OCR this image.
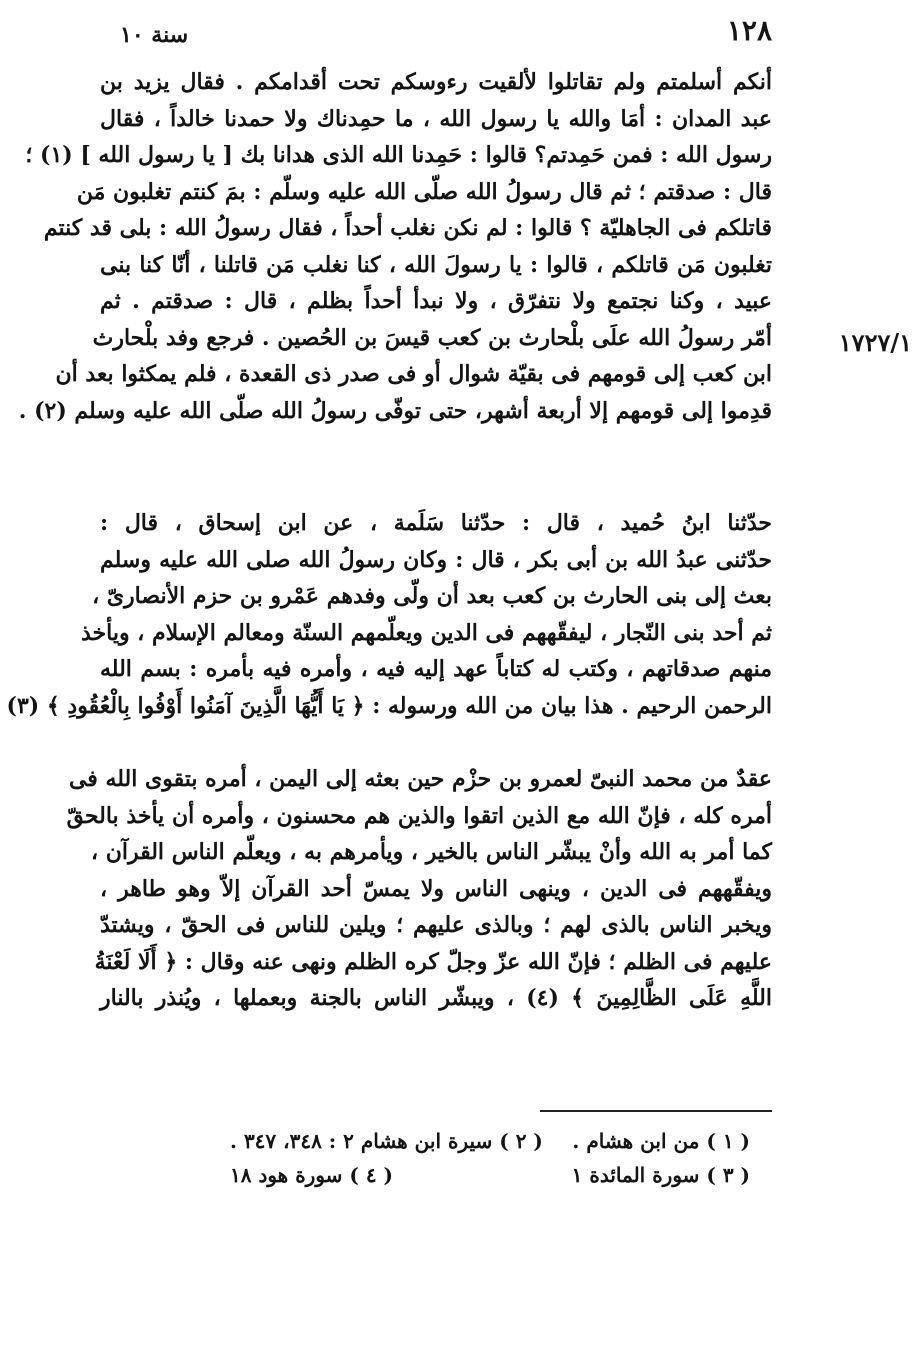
١٢٨
سنة ١٠
١٧٢٧/١
أنكم أسلمتم ولم تقاتلوا لألقيت رءوسكم تحت أقدامكم . فقال يزيد بن
عبد المدان : أمَا والله يا رسول الله ، ما حمِدناك ولا حمدنا خالداً ، فقال
رسول الله : فمن حَمِدتم؟ قالوا : حَمِدنا الله الذى هدانا بك [ يا رسول الله ] (١) ؛
قال : صدقتم ؛ ثم قال رسولُ الله صلّى الله عليه وسلّم : بمَ كنتم تغلبون مَن
قاتلكم فى الجاهليّة ؟ قالوا : لم نكن نغلب أحداً ، فقال رسولُ الله : بلى قد كنتم
تغلبون مَن قاتلكم ، قالوا : يا رسولَ الله ، كنا نغلب مَن قاتلنا ، أنّا كنا بنى
عبيد ، وكنا نجتمع ولا نتفرّق ، ولا نبدأ أحداً بظلم ، قال : صدقتم . ثم
أمّر رسولُ الله علَى بلْحارث بن كعب قيسَ بن الحُصين . فرجع وفد بلْحارث
ابن كعب إلى قومهم فى بقيّة شوال أو فى صدر ذى القعدة ، فلم يمكثوا بعد أن
قدِموا إلى قومهم إلا أربعة أشهر، حتى توفّى رسولُ الله صلّى الله عليه وسلم (٢) .
حدّثنا ابنُ حُميد ، قال : حدّثنا سَلَمة ، عن ابن إسحاق ، قال :
حدّثنى عبدُ الله بن أبى بكر ، قال : وكان رسولُ الله صلى الله عليه وسلم
بعث إلى بنى الحارث بن كعب بعد أن ولّى وفدهم عَمْرو بن حزم الأنصارىّ ،
ثم أحد بنى النّجار ، ليفقّههم فى الدين ويعلّمهم السنّة ومعالم الإسلام ، ويأخذ
منهم صدقاتهم ، وكتب له كتاباً عهد إليه فيه ، وأمره فيه بأمره : بسم الله
الرحمن الرحيم . هذا بيان من الله ورسوله : ﴿ يَا أَيُّهَا الَّذِينَ آمَنُوا أَوْفُوا بِالْعُقُودِ ﴾ (٣)
عقدٌ من محمد النبىّ لعمرو بن حزْم حين بعثه إلى اليمن ، أمره بتقوى الله فى
أمره كله ، فإنّ الله مع الذين اتقوا والذين هم محسنون ، وأمره أن يأخذ بالحقّ
كما أمر به الله وأنْ يبشّر الناس بالخير ، ويأمرهم به ، ويعلّم الناس القرآن ،
ويفقّههم فى الدين ، وينهى الناس ولا يمسّ أحد القرآن إلاّ وهو طاهر ،
ويخبر الناس بالذى لهم ؛ وبالذى عليهم ؛ ويلين للناس فى الحقّ ، ويشتدّ
عليهم فى الظلم ؛ فإنّ الله عزّ وجلّ كره الظلم ونهى عنه وقال : ﴿ أَلَا لَعْنَةُ
اللَّهِ عَلَى الظَّالِمِينَ ﴾ (٤) ، ويبشّر الناس بالجنة وبعملها ، ويُنذر بالنار
( ١ ) من ابن هشام .
( ٢ ) سيرة ابن هشام ٢ : ٣٤٨، ٣٤٧ .
( ٣ ) سورة المائدة ١
( ٤ ) سورة هود ١٨
